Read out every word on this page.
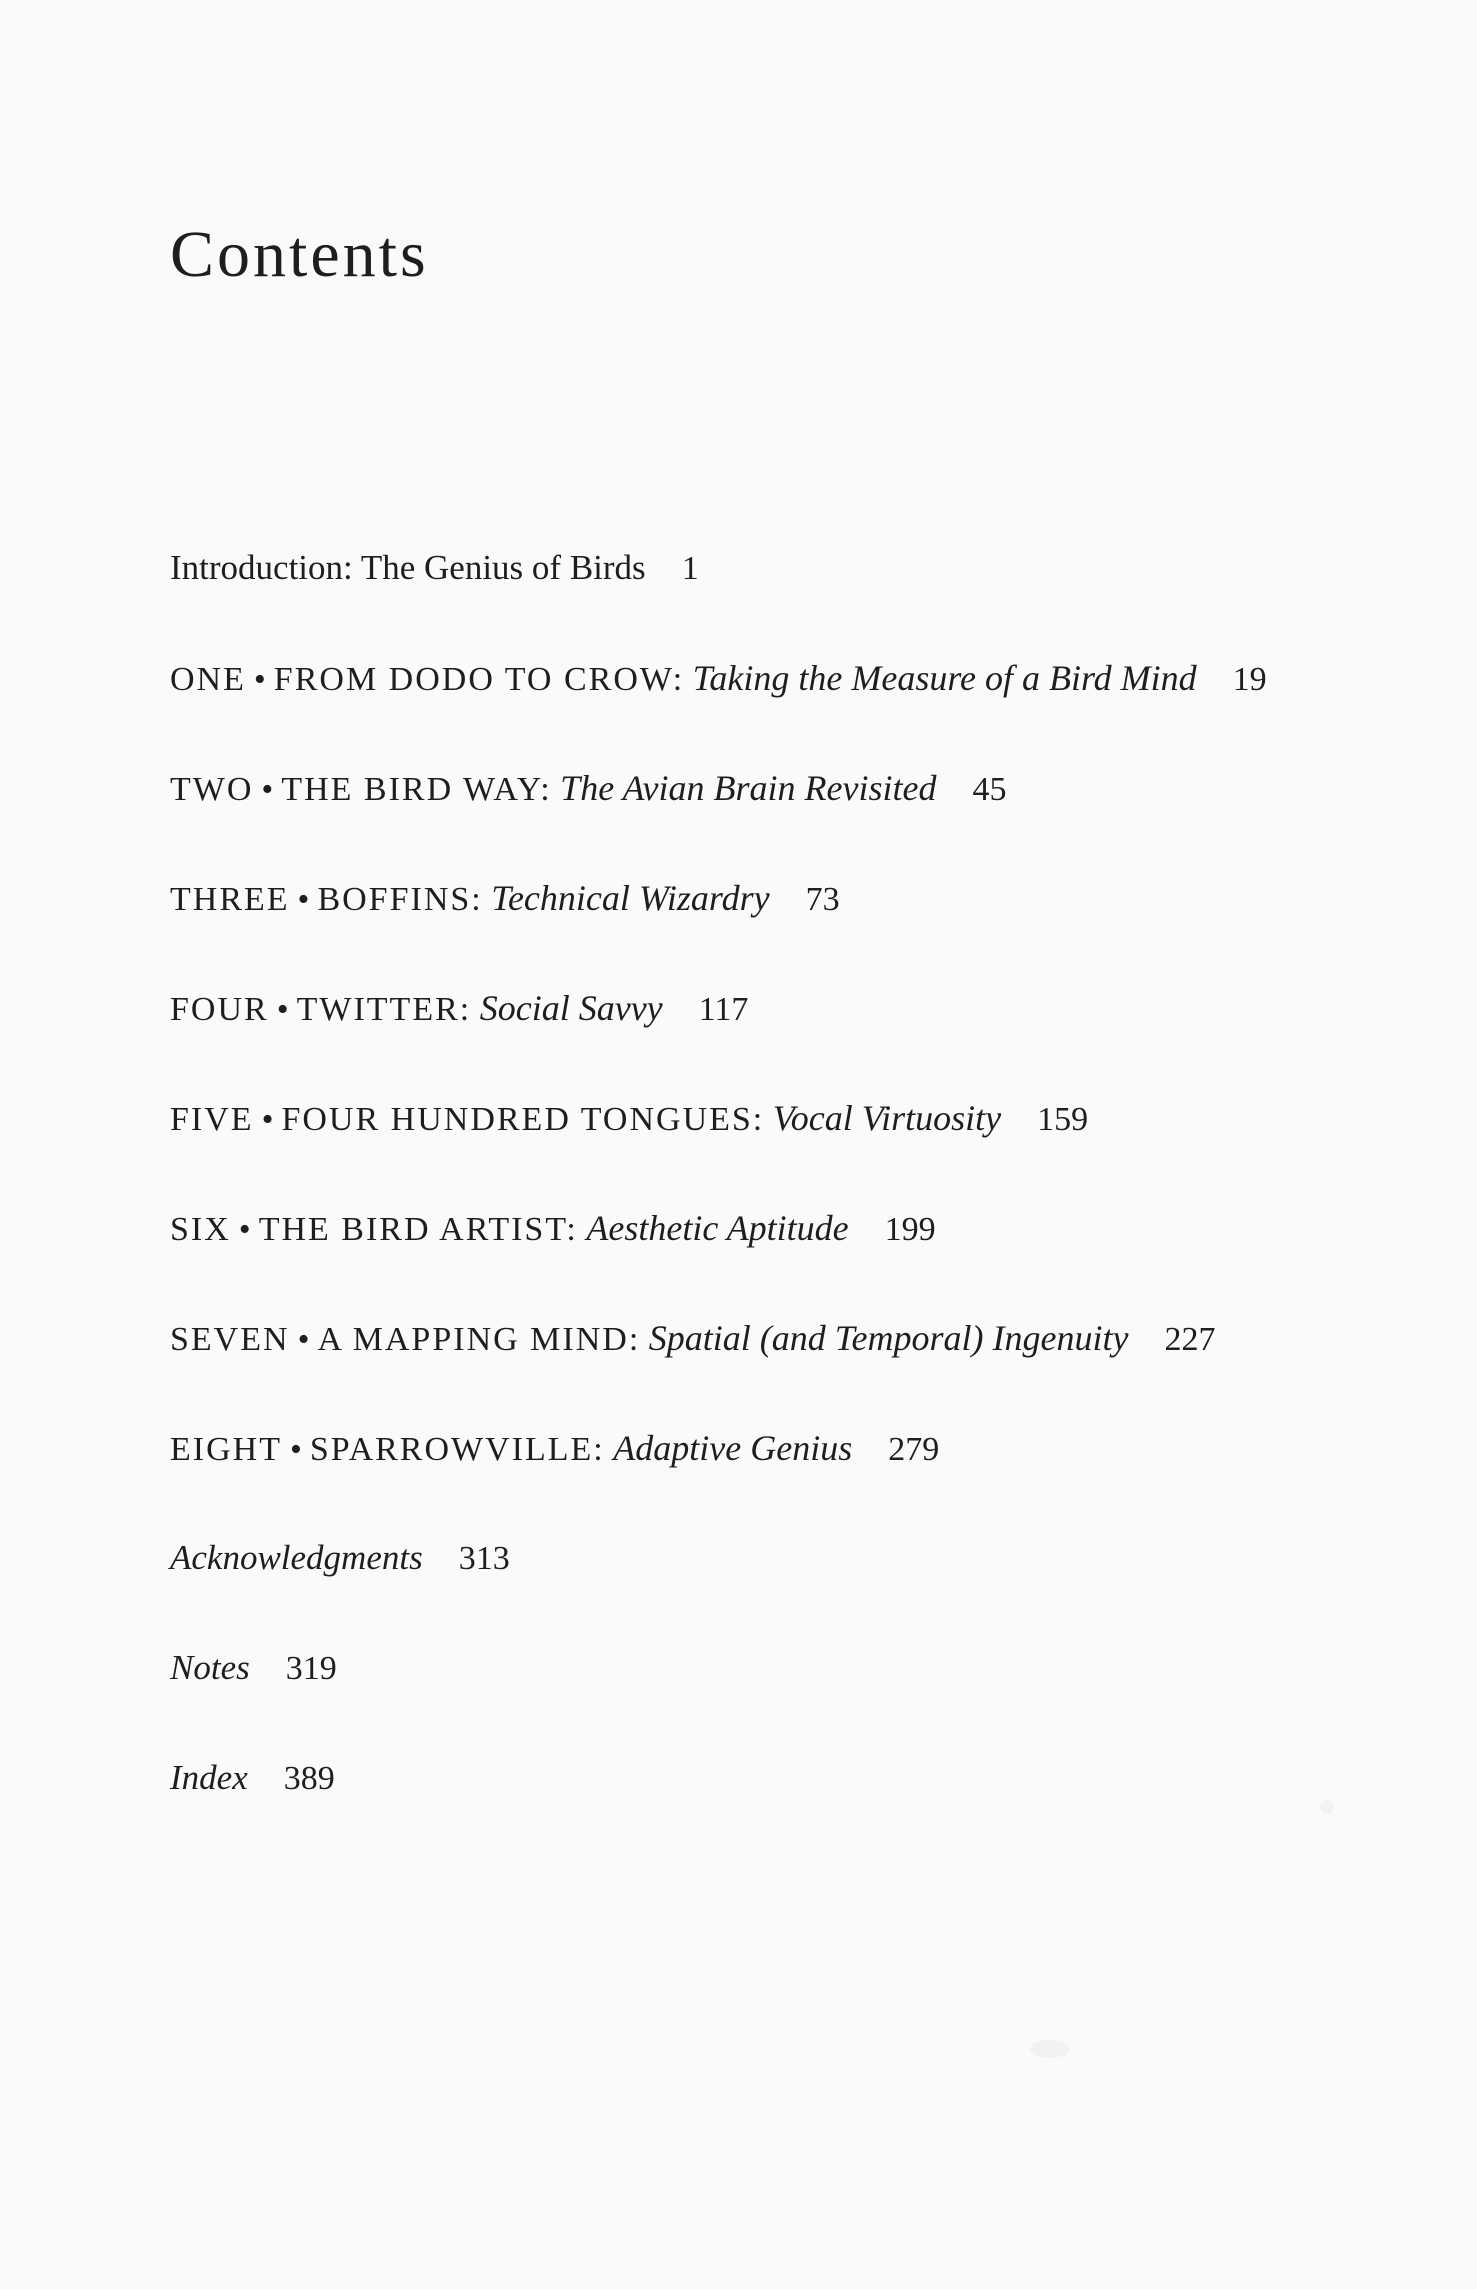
Contents
Introduction: The Genius of Birds 1
ONE • FROM DODO TO CROW: Taking the Measure of a Bird Mind 19
TWO • THE BIRD WAY: The Avian Brain Revisited 45
THREE • BOFFINS: Technical Wizardry 73
FOUR • TWITTER: Social Savvy 117
FIVE • FOUR HUNDRED TONGUES: Vocal Virtuosity 159
SIX • THE BIRD ARTIST: Aesthetic Aptitude 199
SEVEN • A MAPPING MIND: Spatial (and Temporal) Ingenuity 227
EIGHT • SPARROWVILLE: Adaptive Genius 279
Acknowledgments 313
Notes 319
Index 389
